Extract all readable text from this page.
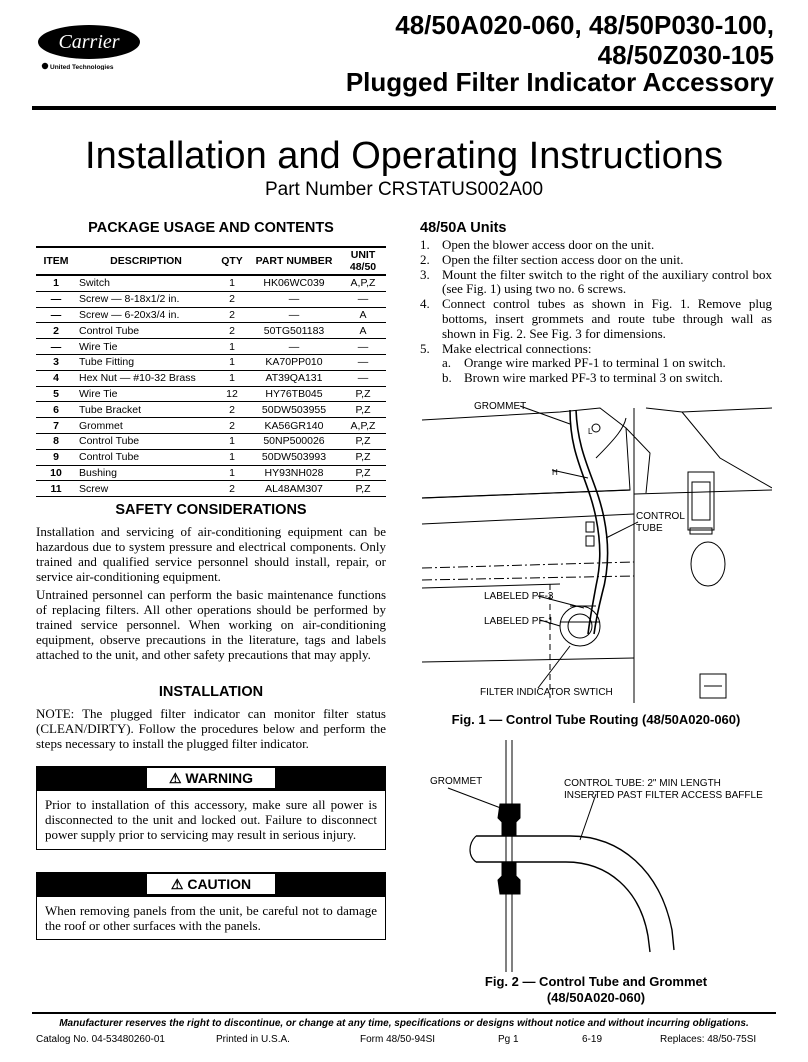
Carrier
United Technologies
48/50A020-060, 48/50P030-100,
48/50Z030-105
Plugged Filter Indicator Accessory
Installation and Operating Instructions
Part Number CRSTATUS002A00
PACKAGE USAGE AND CONTENTS
ITEM	DESCRIPTION	QTY	PART NUMBER	UNIT 48/50
1	Switch	1	HK06WC039	A,P,Z
—	Screw — 8-18x1/2 in.	2	—	—
—	Screw — 6-20x3/4 in.	2	—	A
2	Control Tube	2	50TG501183	A
—	Wire Tie	1	—	—
3	Tube Fitting	1	KA70PP010	—
4	Hex Nut — #10-32 Brass	1	AT39QA131	—
5	Wire Tie	12	HY76TB045	P,Z
6	Tube Bracket	2	50DW503955	P,Z
7	Grommet	2	KA56GR140	A,P,Z
8	Control Tube	1	50NP500026	P,Z
9	Control Tube	1	50DW503993	P,Z
10	Bushing	1	HY93NH028	P,Z
11	Screw	2	AL48AM307	P,Z
SAFETY CONSIDERATIONS
Installation and servicing of air-conditioning equipment can be hazardous due to system pressure and electrical components. Only trained and qualified service personnel should install, repair, or service air-conditioning equipment.
Untrained personnel can perform the basic maintenance functions of replacing filters. All other operations should be performed by trained service personnel. When working on air-conditioning equipment, observe precautions in the literature, tags and labels attached to the unit, and other safety precautions that may apply.
INSTALLATION
NOTE: The plugged filter indicator can monitor filter status (CLEAN/DIRTY). Follow the procedures below and perform the steps necessary to install the plugged filter indicator.
⚠ WARNING
Prior to installation of this accessory, make sure all power is disconnected to the unit and locked out. Failure to disconnect power supply prior to servicing may result in serious injury.
⚠ CAUTION
When removing panels from the unit, be careful not to damage the roof or other surfaces with the panels.
48/50A Units
1. Open the blower access door on the unit.
2. Open the filter section access door on the unit.
3. Mount the filter switch to the right of the auxiliary control box (see Fig. 1) using two no. 6 screws.
4. Connect control tubes as shown in Fig. 1. Remove plug bottoms, insert grommets and route tube through wall as shown in Fig. 2. See Fig. 3 for dimensions.
5. Make electrical connections:
a. Orange wire marked PF-1 to terminal 1 on switch.
b. Brown wire marked PF-3 to terminal 3 on switch.
GROMMET
CONTROL
TUBE
LABELED PF-3
LABELED PF-1
FILTER INDICATOR SWTICH
L
H
Fig. 1 — Control Tube Routing (48/50A020-060)
GROMMET	CONTROL TUBE: 2" MIN LENGTH
INSERTED PAST FILTER ACCESS BAFFLE
Fig. 2 — Control Tube and Grommet
(48/50A020-060)
Manufacturer reserves the right to discontinue, or change at any time, specifications or designs without notice and without incurring obligations.
Catalog No. 04-53480260-01	Printed in U.S.A.	Form 48/50-94SI	Pg 1	6-19	Replaces: 48/50-75SI
